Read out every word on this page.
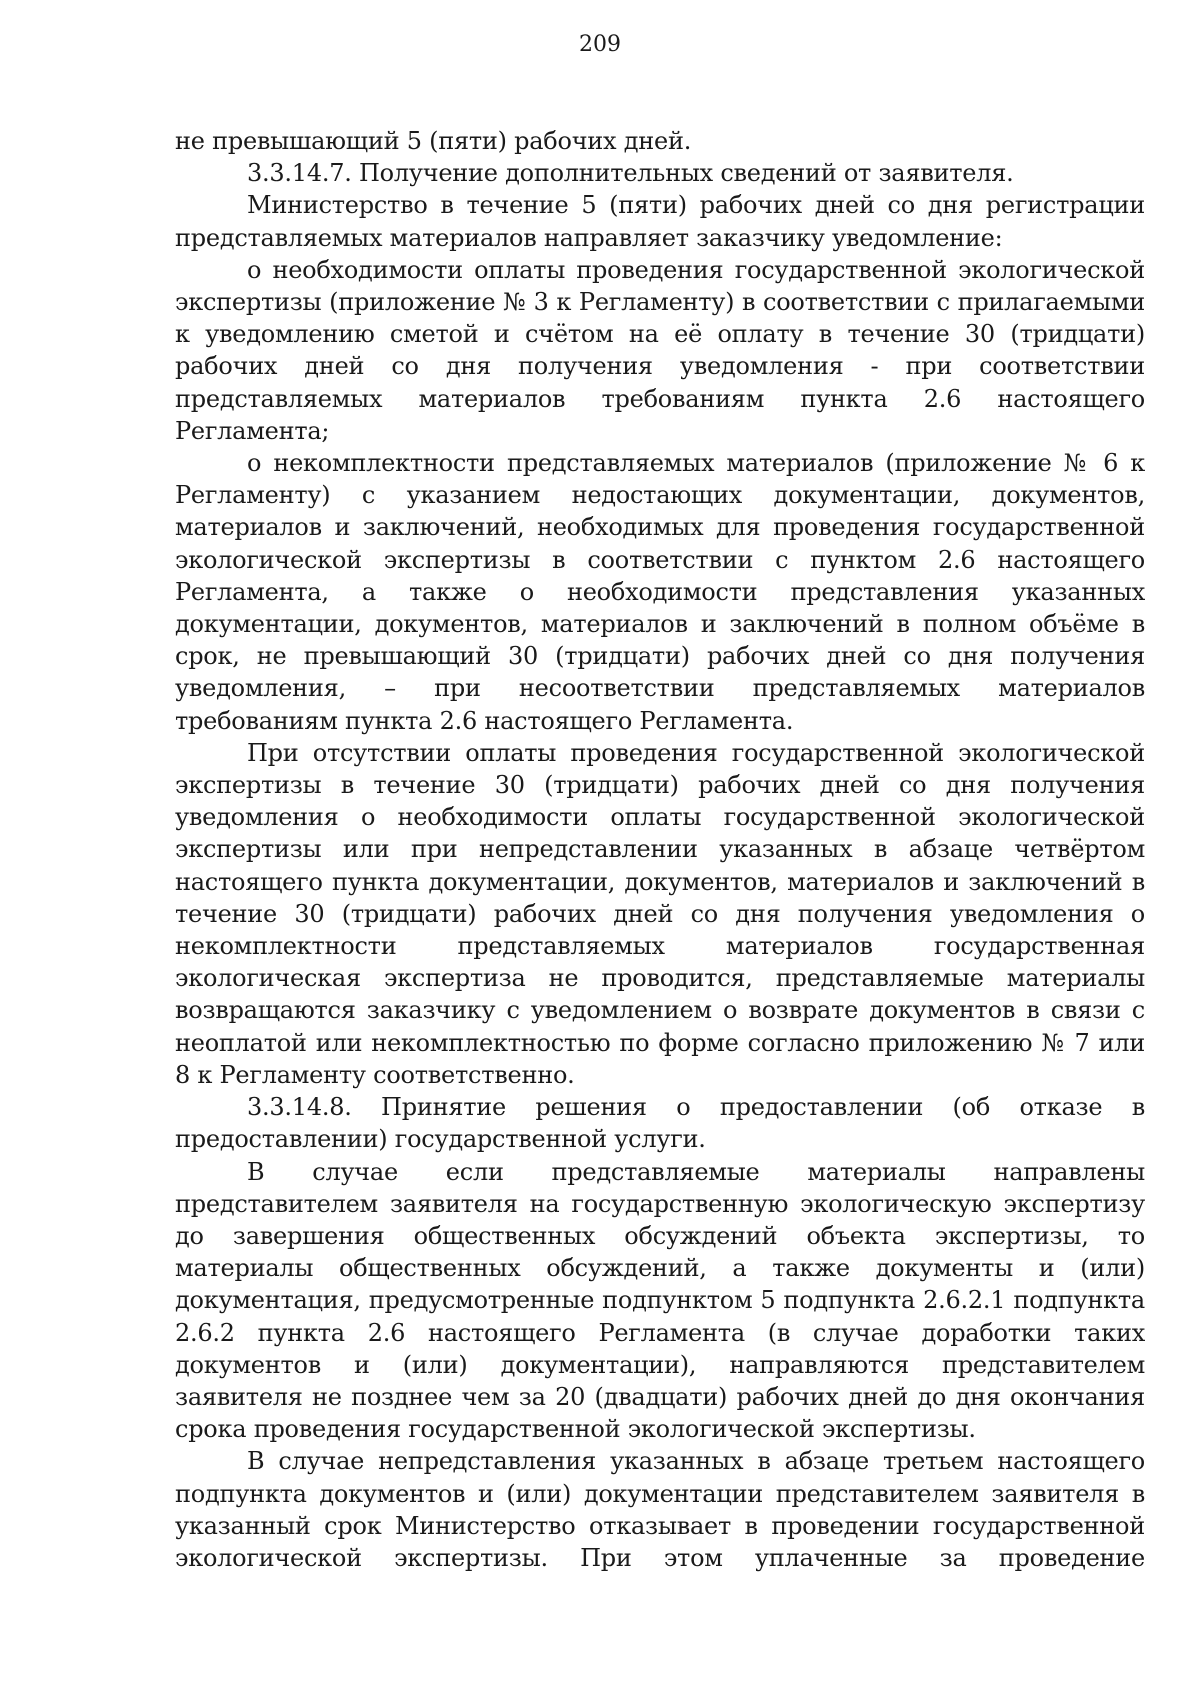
209

не превышающий 5 (пяти) рабочих дней.

3.3.14.7. Получение дополнительных сведений от заявителя.

Министерство в течение 5 (пяти) рабочих дней со дня регистрации представляемых материалов направляет заказчику уведомление:

о необходимости оплаты проведения государственной экологической экспертизы (приложение № 3 к Регламенту) в соответствии с прилагаемыми к уведомлению сметой и счётом на её оплату в течение 30 (тридцати) рабочих дней со дня получения уведомления - при соответствии представляемых материалов требованиям пункта 2.6 настоящего Регламента;

о некомплектности представляемых материалов (приложение № 6 к Регламенту) с указанием недостающих документации, документов, материалов и заключений, необходимых для проведения государственной экологической экспертизы в соответствии с пунктом 2.6 настоящего Регламента, а также о необходимости представления указанных документации, документов, материалов и заключений в полном объёме в срок, не превышающий 30 (тридцати) рабочих дней со дня получения уведомления, – при несоответствии представляемых материалов требованиям пункта 2.6 настоящего Регламента.

При отсутствии оплаты проведения государственной экологической экспертизы в течение 30 (тридцати) рабочих дней со дня получения уведомления о необходимости оплаты государственной экологической экспертизы или при непредставлении указанных в абзаце четвёртом настоящего пункта документации, документов, материалов и заключений в течение 30 (тридцати) рабочих дней со дня получения уведомления о некомплектности представляемых материалов государственная экологическая экспертиза не проводится, представляемые материалы возвращаются заказчику с уведомлением о возврате документов в связи с неоплатой или некомплектностью по форме согласно приложению № 7 или 8 к Регламенту соответственно.

3.3.14.8. Принятие решения о предоставлении (об отказе в предоставлении) государственной услуги.

В случае если представляемые материалы направлены представителем заявителя на государственную экологическую экспертизу до завершения общественных обсуждений объекта экспертизы, то материалы общественных обсуждений, а также документы и (или) документация, предусмотренные подпунктом 5 подпункта 2.6.2.1 подпункта 2.6.2 пункта 2.6 настоящего Регламента (в случае доработки таких документов и (или) документации), направляются представителем заявителя не позднее чем за 20 (двадцати) рабочих дней до дня окончания срока проведения государственной экологической экспертизы.

В случае непредставления указанных в абзаце третьем настоящего подпункта документов и (или) документации представителем заявителя в указанный срок Министерство отказывает в проведении государственной экологической экспертизы. При этом уплаченные за проведение
